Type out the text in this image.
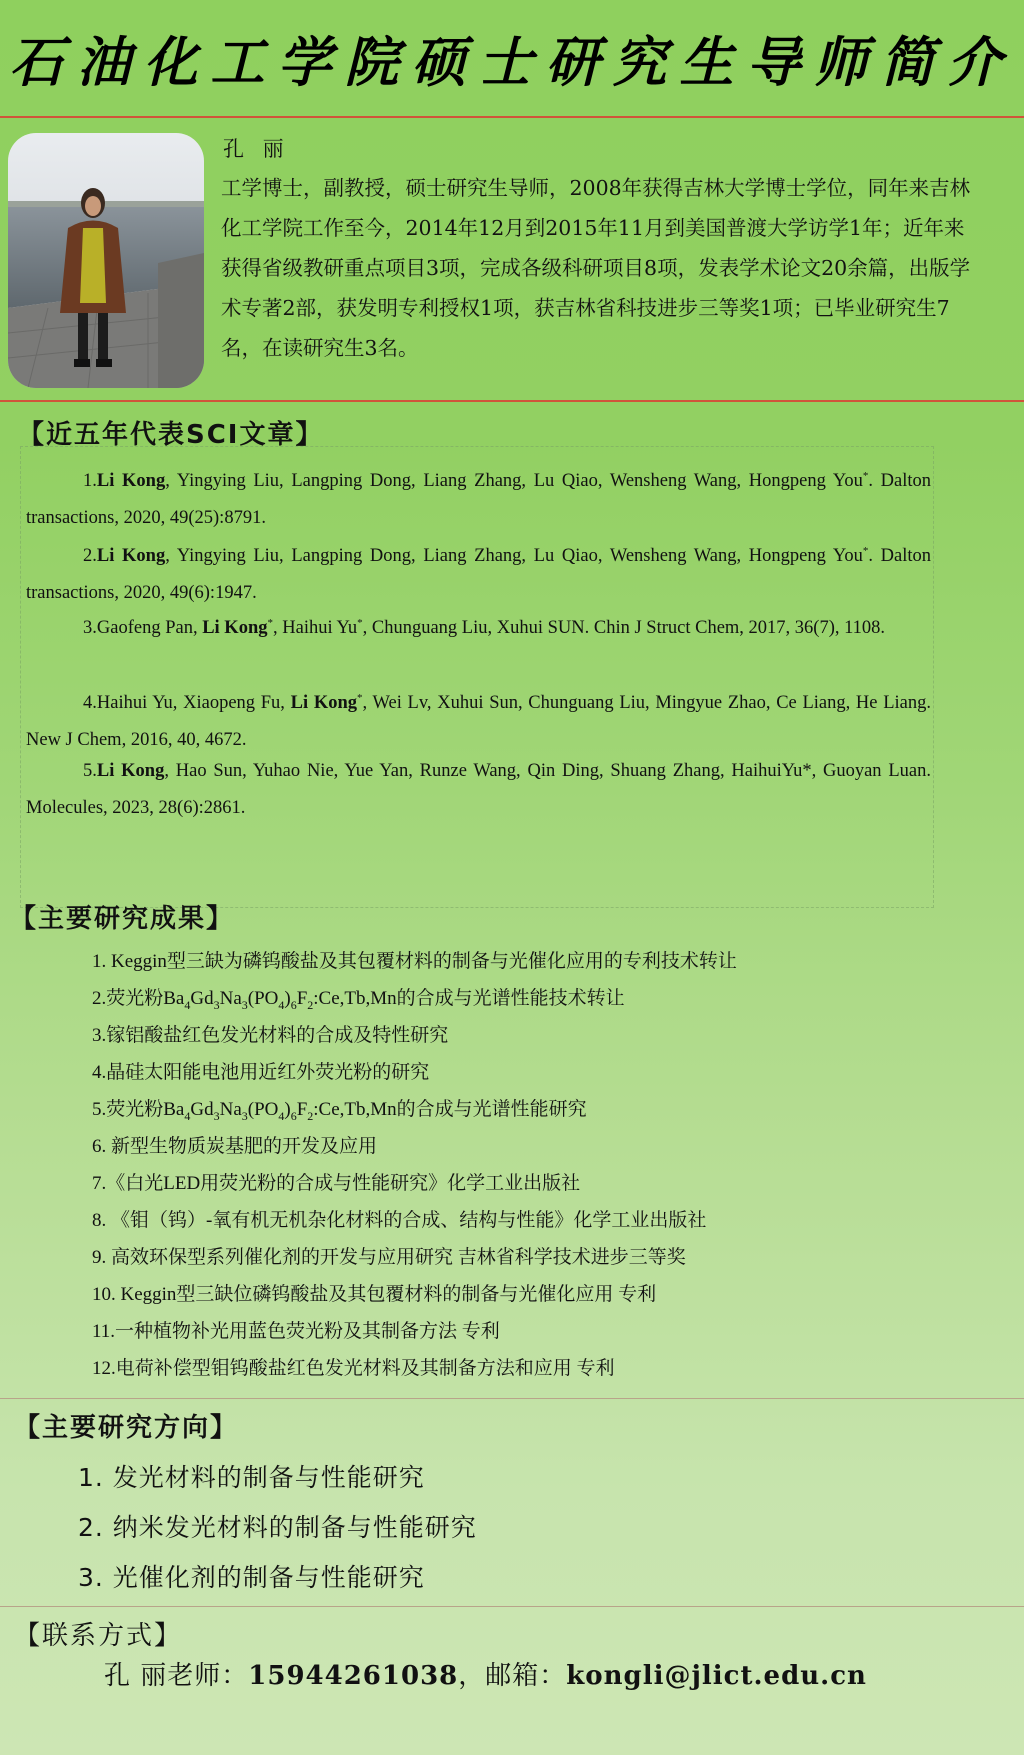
石油化工学院硕士研究生导师简介
孔 丽
工学博士，副教授，硕士研究生导师，2008年获得吉林大学博士学位，同年来吉林化工学院工作至今，2014年12月到2015年11月到美国普渡大学访学1年；近年来获得省级教研重点项目3项，完成各级科研项目8项，发表学术论文20余篇，出版学术专著2部，获发明专利授权1项，获吉林省科技进步三等奖1项；已毕业研究生7名，在读研究生3名。
【近五年代表SCI文章】
1.Li Kong, Yingying Liu, Langping Dong, Liang Zhang, Lu Qiao, Wensheng Wang, Hongpeng You*. Dalton transactions, 2020, 49(25):8791.
2.Li Kong, Yingying Liu, Langping Dong, Liang Zhang, Lu Qiao, Wensheng Wang, Hongpeng You*. Dalton transactions, 2020, 49(6):1947.
3.Gaofeng Pan, Li Kong*, Haihui Yu*, Chunguang Liu, Xuhui SUN. Chin J Struct Chem, 2017, 36(7), 1108.
4.Haihui Yu, Xiaopeng Fu, Li Kong*, Wei Lv, Xuhui Sun, Chunguang Liu, Mingyue Zhao, Ce Liang, He Liang. New J Chem, 2016, 40, 4672.
5.Li Kong, Hao Sun, Yuhao Nie, Yue Yan, Runze Wang, Qin Ding, Shuang Zhang, HaihuiYu*, Guoyan Luan. Molecules, 2023, 28(6):2861.
【主要研究成果】
1. Keggin型三缺为磷钨酸盐及其包覆材料的制备与光催化应用的专利技术转让
2.荧光粉$Ba_4Gd_3Na_3(PO_4)_6F_2:Ce,Tb,Mn$的合成与光谱性能技术转让
3.镓铝酸盐红色发光材料的合成及特性研究
4.晶硅太阳能电池用近红外荧光粉的研究
5.荧光粉$Ba_4Gd_3Na_3(PO_4)_6F_2:Ce,Tb,Mn$的合成与光谱性能研究
6. 新型生物质炭基肥的开发及应用
7.《白光LED用荧光粉的合成与性能研究》化学工业出版社
8. 《钼（钨）-氧有机无机杂化材料的合成、结构与性能》化学工业出版社
9. 高效环保型系列催化剂的开发与应用研究 吉林省科学技术进步三等奖
10. Keggin型三缺位磷钨酸盐及其包覆材料的制备与光催化应用 专利
11.一种植物补光用蓝色荧光粉及其制备方法 专利
12.电荷补偿型钼钨酸盐红色发光材料及其制备方法和应用 专利
【主要研究方向】
1. 发光材料的制备与性能研究
2. 纳米发光材料的制备与性能研究
3. 光催化剂的制备与性能研究
【联系方式】
孔 丽老师：15944261038，邮箱：kongli@jlict.edu.cn
